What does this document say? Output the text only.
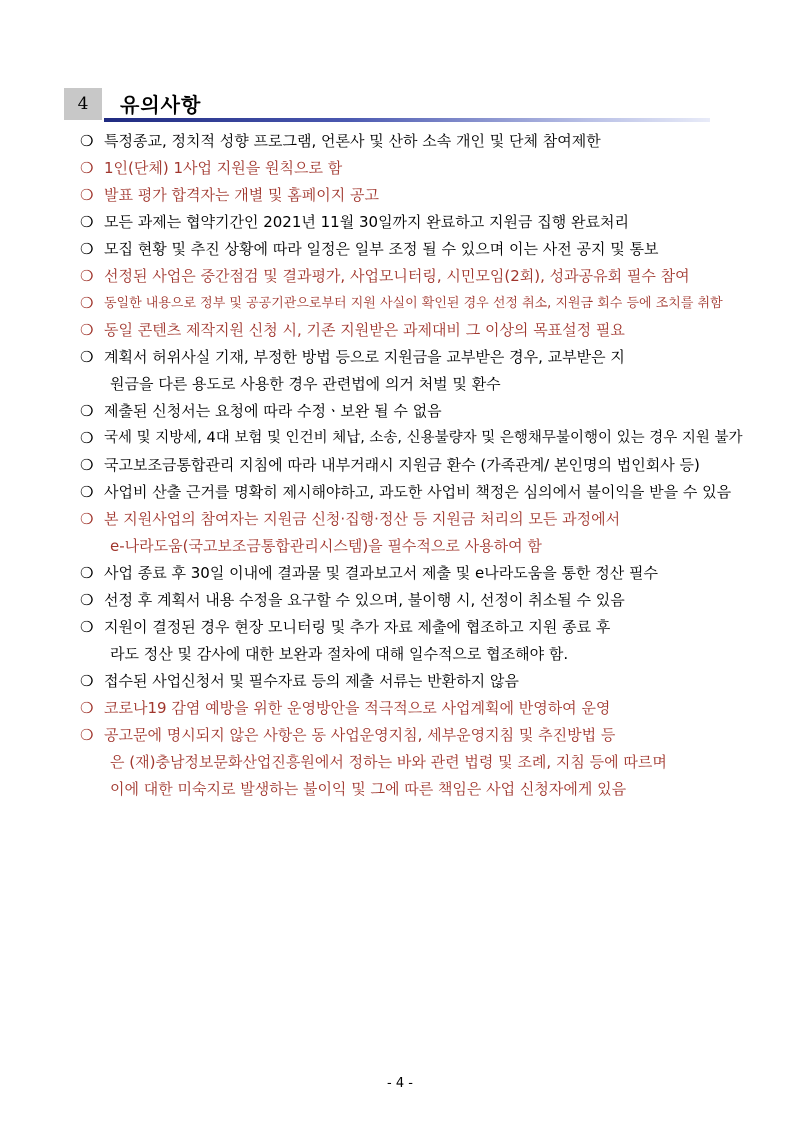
4	유의사항
❍ 특정종교, 정치적 성향 프로그램, 언론사 및 산하 소속 개인 및 단체 참여제한
❍ 1인(단체) 1사업 지원을 원칙으로 함
❍ 발표 평가 합격자는 개별 및 홈페이지 공고
❍ 모든 과제는 협약기간인 2021년 11월 30일까지 완료하고 지원금 집행 완료처리
❍ 모집 현황 및 추진 상황에 따라 일정은 일부 조정 될 수 있으며 이는 사전 공지 및 통보
❍ 선정된 사업은 중간점검 및 결과평가, 사업모니터링, 시민모임(2회), 성과공유회 필수 참여
❍ 동일한 내용으로 정부 및 공공기관으로부터 지원 사실이 확인된 경우 선정 취소, 지원금 회수 등에 조치를 취함
❍ 동일 콘텐츠 제작지원 신청 시, 기존 지원받은 과제대비 그 이상의 목표설정 필요
❍ 계획서 허위사실 기재, 부정한 방법 등으로 지원금을 교부받은 경우, 교부받은 지
원금을 다른 용도로 사용한 경우 관련법에 의거 처벌 및 환수
❍ 제출된 신청서는 요청에 따라 수정ㆍ보완 될 수 없음
❍ 국세 및 지방세, 4대 보험 및 인건비 체납, 소송, 신용불량자 및 은행채무불이행이 있는 경우 지원 불가
❍ 국고보조금통합관리 지침에 따라 내부거래시 지원금 환수 (가족관계/ 본인명의 법인회사 등)
❍ 사업비 산출 근거를 명확히 제시해야하고, 과도한 사업비 책정은 심의에서 불이익을 받을 수 있음
❍ 본 지원사업의 참여자는 지원금 신청·집행·정산 등 지원금 처리의 모든 과정에서
e-나라도움(국고보조금통합관리시스템)을 필수적으로 사용하여 함
❍ 사업 종료 후 30일 이내에 결과물 및 결과보고서 제출 및 e나라도움을 통한 정산 필수
❍ 선정 후 계획서 내용 수정을 요구할 수 있으며, 불이행 시, 선정이 취소될 수 있음
❍ 지원이 결정된 경우 현장 모니터링 및 추가 자료 제출에 협조하고 지원 종료 후
라도 정산 및 감사에 대한 보완과 절차에 대해 일수적으로 협조해야 함.
❍ 접수된 사업신청서 및 필수자료 등의 제출 서류는 반환하지 않음
❍ 코로나19 감염 예방을 위한 운영방안을 적극적으로 사업계획에 반영하여 운영
❍ 공고문에 명시되지 않은 사항은 동 사업운영지침, 세부운영지침 및 추진방법 등
은 (재)충남정보문화산업진흥원에서 정하는 바와 관련 법령 및 조례, 지침 등에 따르며
이에 대한 미숙지로 발생하는 불이익 및 그에 따른 책임은 사업 신청자에게 있음
- 4 -
